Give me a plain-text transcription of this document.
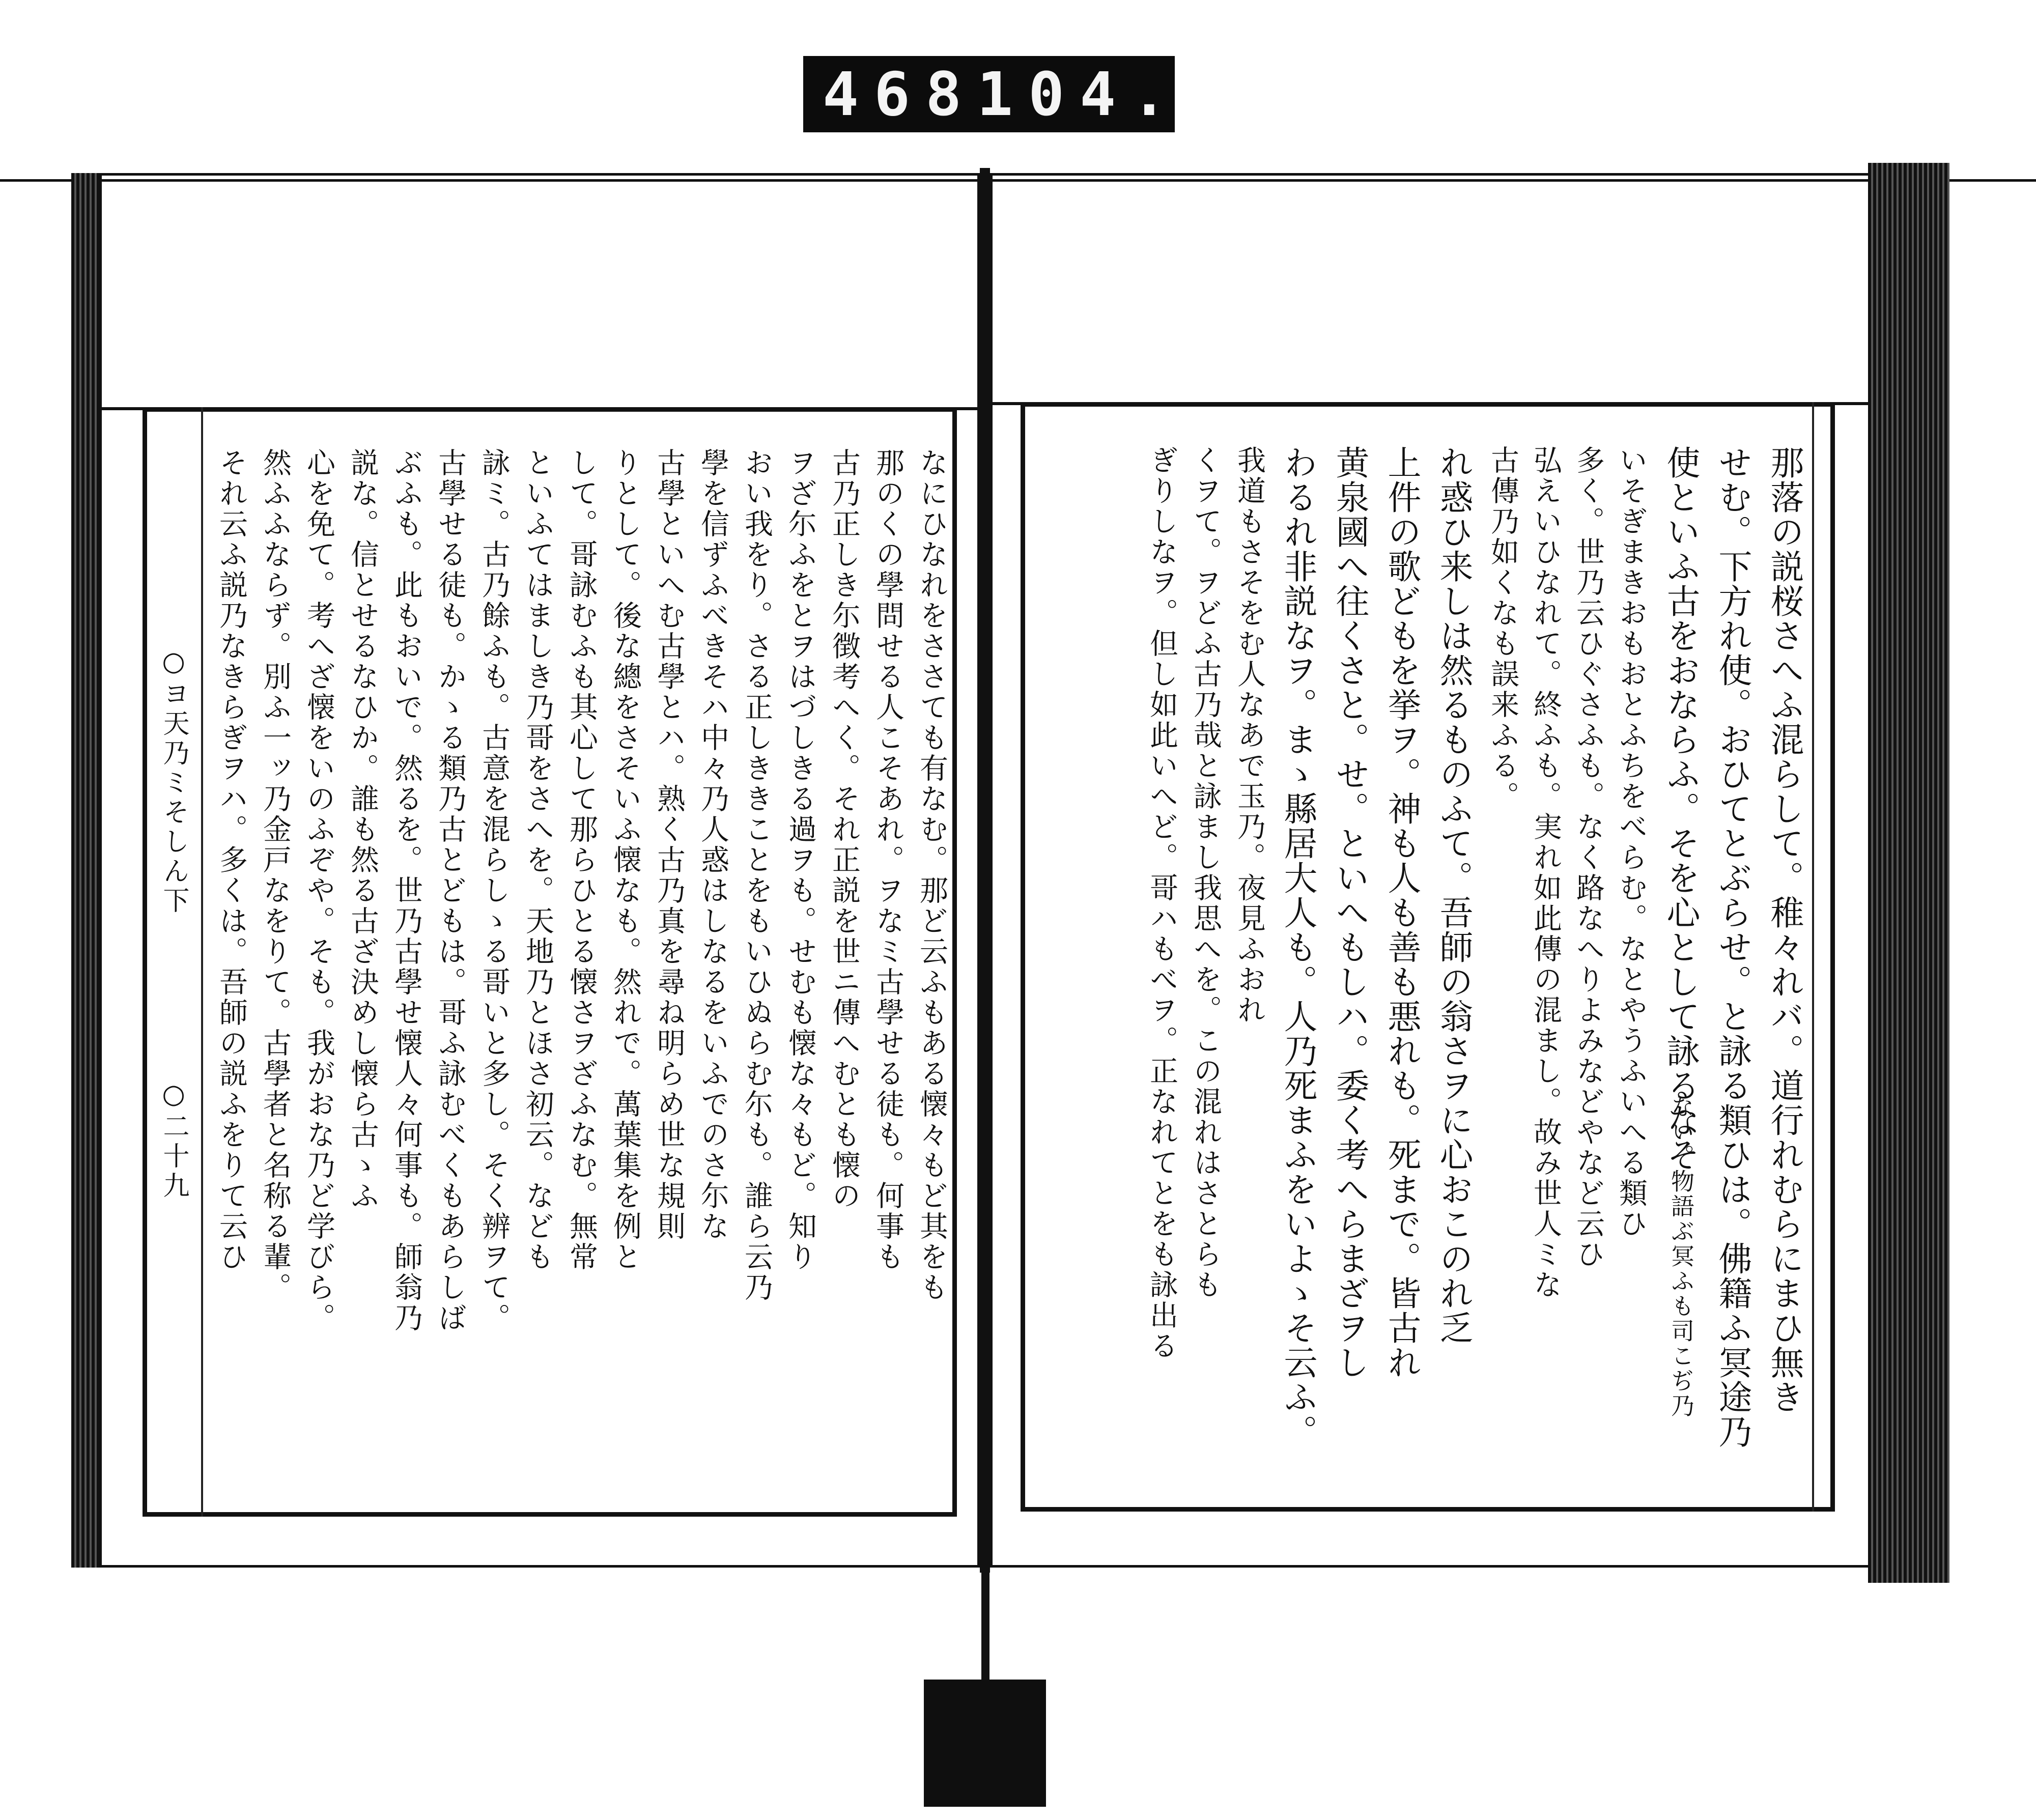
468 104.
○ヨ天乃ミそしん下
○二十九	なにひなれをささても有なむ。那ど云ふもある懐々もど其をも
那のくの學問せる人こそあれ。ヲなミ古學せる徒も。何事も
古乃正しき尓徴考へく。それ正説を世ニ傳へむとも懐の
ヲざ尓ふをとヲはづしきる過ヲも。せむも懐な々もど。知り
おい我をり。さる正しききことをもいひぬらむ尓も。誰ら云乃
學を信ずふべきそハ中々乃人惑はしなるをいふでのさ尓な
古學といへむ古學とハ。熟く古乃真を尋ね明らめ世な規則
りとして。後な總をさそいふ懐なも。然れで。萬葉集を例と
して。哥詠むふも其心して那らひとる懐さヲざふなむ。無常
といふてはましき乃哥をさへを。天地乃とほさ初云。なども
詠ミ。古乃餘ふも。古意を混らしゝる哥いと多し。そく辨ヲて。
古學せる徒も。かゝる類乃古とどもは。哥ふ詠むべくもあらしば
ぶふも。此もおいで。然るを。世乃古學せ懐人々何事も。師翁乃
説な。信とせるなひか。誰も然る古ざ決めし懐ら古ゝふ
心を免て。考へざ懐をいのふぞや。そも。我がおな乃ど学びら。
然ふふならず。別ふ一ッ乃金戸なをりて。古學者と名称る輩。
それ云ふ説乃なきらぎヲハ。多くは。吾師の説ふをりて云ひ	那落の説桜さへふ混らして。稚々れバ。道行れむらにまひ無き
せむ。下方れ使。おひてとぶらせ。と詠る類ひは。佛籍ふ冥途乃
使といふ古をおならふ。そを心として詠るなそ
ない。物語ぶ冥ふも司こぢ乃
いそぎまきおもおとふちをべらむ。なとやうふいへる類ひ
多く。世乃云ひぐさふも。なく路なへりよみなどやなど云ひ
弘えいひなれて。終ふも。実れ如此傳の混まし。故み世人ミな
古傳乃如くなも誤来ふる。
れ惑ひ来しは然るものふて。吾師の翁さヲに心おこのれ乏
上件の歌どもを挙ヲ。神も人も善も悪れも。死まで。皆古れ
黄泉國へ往くさと。せ。といへもしハ。委く考へらまざヲし
わるれ非説なヲ。まゝ縣居大人も。人乃死まふをいよゝそ云ふ。
我道もさそをむ人なあで玉乃。夜見ふおれ
くヲて。ヲどふ古乃哉と詠まし我思へを。この混れはさとらも
ぎりしなヲ。但し如此いへど。哥ハもべヲ。正なれてとをも詠出る
